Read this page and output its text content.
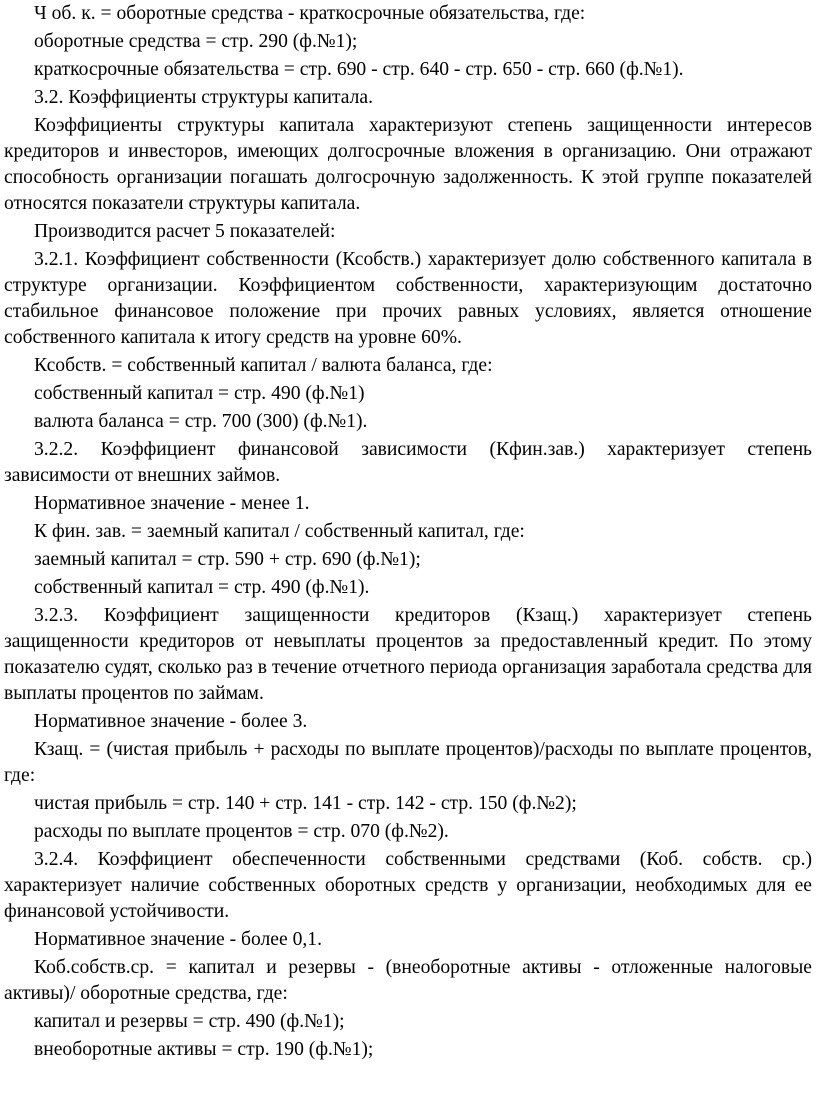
Ч об. к. = оборотные средства - краткосрочные обязательства, где:

оборотные средства = стр. 290 (ф.№1);

краткосрочные обязательства = стр. 690 - стр. 640 - стр. 650 - стр. 660 (ф.№1).

3.2. Коэффициенты структуры капитала.

Коэффициенты структуры капитала характеризуют степень защищенности интересов кредиторов и инвесторов, имеющих долгосрочные вложения в организацию. Они отражают способность организации погашать долгосрочную задолженность. К этой группе показателей относятся показатели структуры капитала.

Производится расчет 5 показателей:

3.2.1. Коэффициент собственности (Ксобств.) характеризует долю собственного капитала в структуре организации. Коэффициентом собственности, характеризующим достаточно стабильное финансовое положение при прочих равных условиях, является отношение собственного капитала к итогу средств на уровне 60%.

Ксобств. = собственный капитал / валюта баланса, где:

собственный капитал = стр. 490 (ф.№1)

валюта баланса = стр. 700 (300) (ф.№1).

3.2.2. Коэффициент финансовой зависимости (Кфин.зав.) характеризует степень зависимости от внешних займов.

Нормативное значение - менее 1.

К фин. зав. = заемный капитал / собственный капитал, где:

заемный капитал = стр. 590 + стр. 690 (ф.№1);

собственный капитал = стр. 490 (ф.№1).

3.2.3. Коэффициент защищенности кредиторов (Кзащ.) характеризует степень защищенности кредиторов от невыплаты процентов за предоставленный кредит. По этому показателю судят, сколько раз в течение отчетного периода организация заработала средства для выплаты процентов по займам.

Нормативное значение - более 3.

Кзащ. = (чистая прибыль + расходы по выплате процентов)/расходы по выплате процентов, где:

чистая прибыль = стр. 140 + стр. 141 - стр. 142 - стр. 150 (ф.№2);

расходы по выплате процентов = стр. 070 (ф.№2).

3.2.4. Коэффициент обеспеченности собственными средствами (Коб. собств. ср.) характеризует наличие собственных оборотных средств у организации, необходимых для ее финансовой устойчивости.

Нормативное значение - более 0,1.

Коб.собств.ср. = капитал и резервы - (внеоборотные активы - отложенные налоговые активы)/ оборотные средства, где:

капитал и резервы = стр. 490 (ф.№1);

внеоборотные активы = стр. 190 (ф.№1);
